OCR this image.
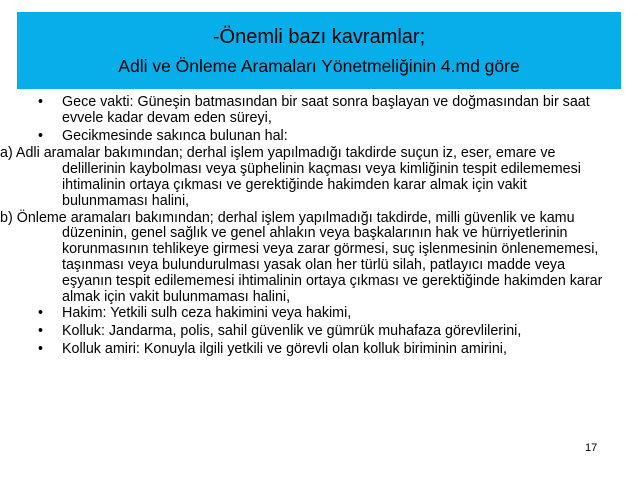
-Önemli bazı kavramlar;
Adli ve Önleme Aramaları Yönetmeliğinin 4.md göre
•	Gece vakti: Güneşin batmasından bir saat sonra başlayan ve doğmasından bir saat evvele kadar devam eden süreyi,
•	Gecikmesinde sakınca bulunan hal:
a) Adli aramalar bakımından; derhal işlem yapılmadığı takdirde suçun iz, eser, emare ve delillerinin kaybolması veya şüphelinin kaçması veya kimliğinin tespit edilememesi ihtimalinin ortaya çıkması ve gerektiğinde hakimden karar almak için vakit bulunmaması halini,
b) Önleme aramaları bakımından; derhal işlem yapılmadığı takdirde, milli güvenlik ve kamu düzeninin, genel sağlık ve genel ahlakın veya başkalarının hak ve hürriyetlerinin korunmasının tehlikeye girmesi veya zarar görmesi, suç işlenmesinin önlenememesi, taşınması veya bulundurulması yasak olan her türlü silah, patlayıcı madde veya eşyanın tespit edilememesi ihtimalinin ortaya çıkması ve gerektiğinde hakimden karar almak için vakit bulunmaması halini,
•	Hakim: Yetkili sulh ceza hakimini veya hakimi,
•	Kolluk: Jandarma, polis, sahil güvenlik ve gümrük muhafaza görevlilerini,
•	Kolluk amiri: Konuyla ilgili yetkili ve görevli olan kolluk biriminin amirini,
17
